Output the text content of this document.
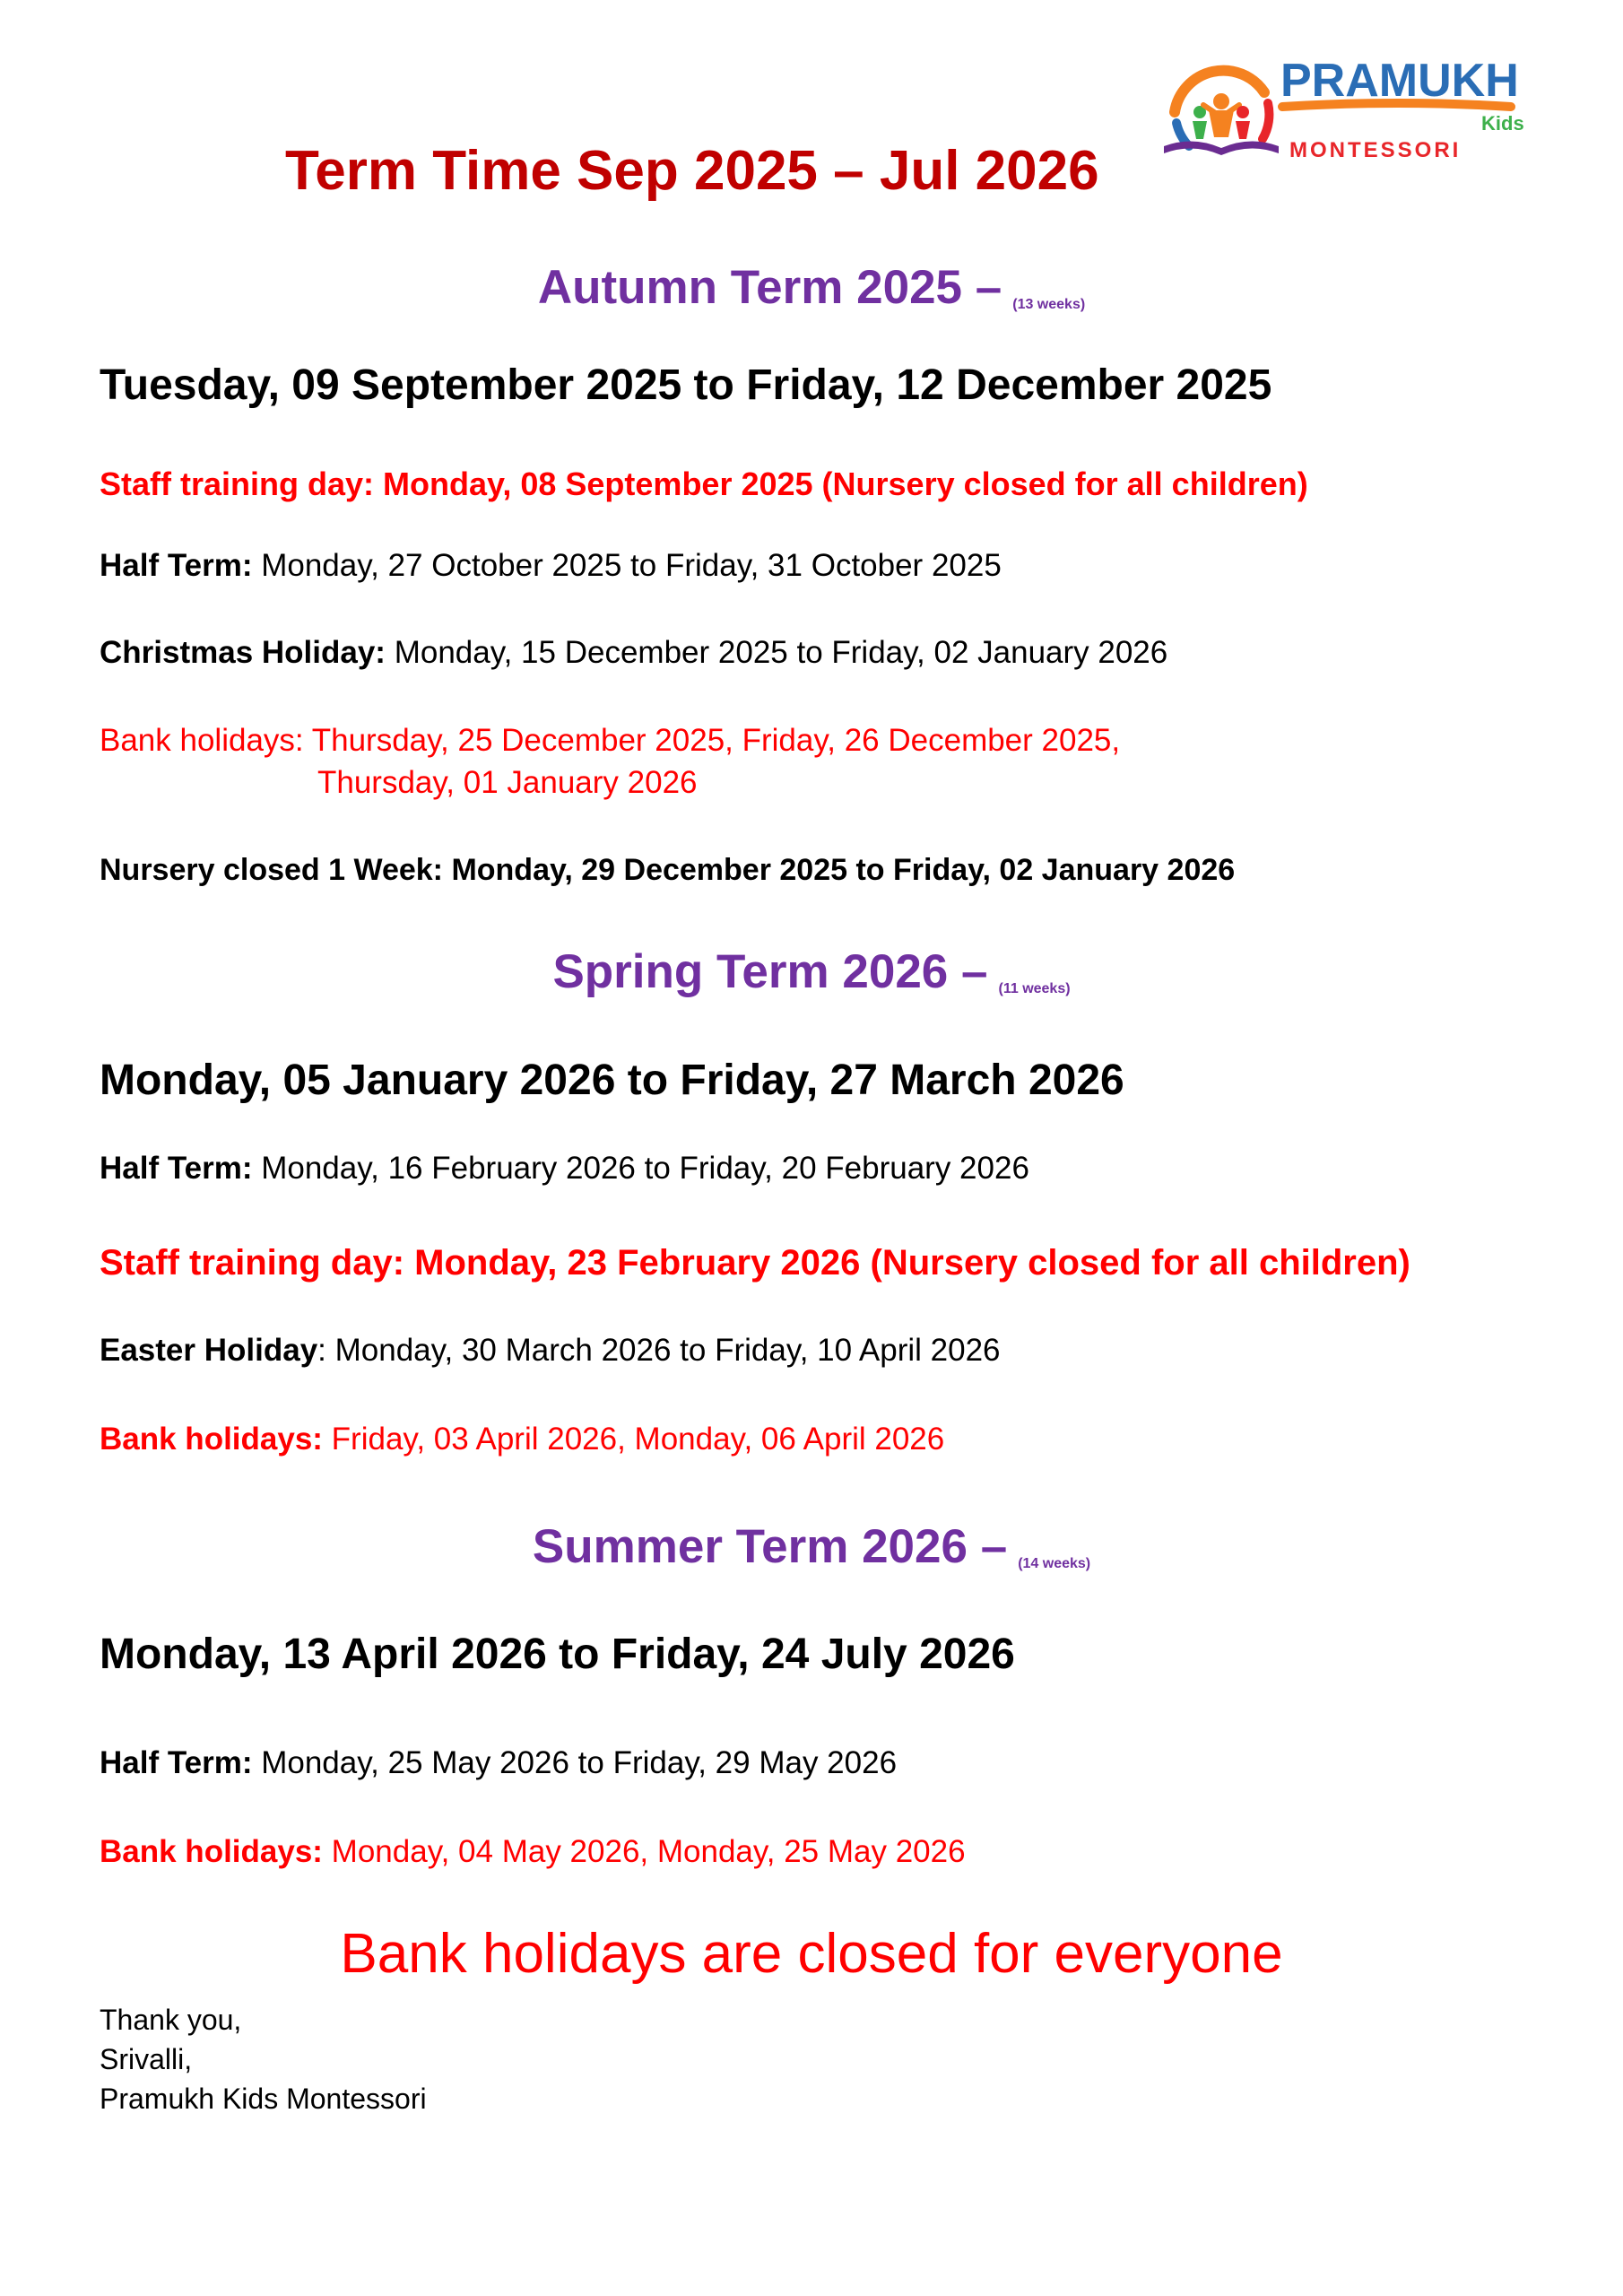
PRAMUKH
Kids
MONTESSORI
Term Time Sep 2025 – Jul 2026
Autumn Term 2025 – (13 weeks)
Tuesday, 09 September 2025 to Friday, 12 December 2025
Staff training day: Monday, 08 September 2025 (Nursery closed for all children)
Half Term: Monday, 27 October 2025 to Friday, 31 October 2025
Christmas Holiday: Monday, 15 December 2025 to Friday, 02 January 2026
Bank holidays: Thursday, 25 December 2025, Friday, 26 December 2025,
Thursday, 01 January 2026
Nursery closed 1 Week: Monday, 29 December 2025 to Friday, 02 January 2026
Spring Term 2026 – (11 weeks)
Monday, 05 January 2026 to Friday, 27 March 2026
Half Term: Monday, 16 February 2026 to Friday, 20 February 2026
Staff training day: Monday, 23 February 2026 (Nursery closed for all children)
Easter Holiday: Monday, 30 March 2026 to Friday, 10 April 2026
Bank holidays: Friday, 03 April 2026, Monday, 06 April 2026
Summer Term 2026 – (14 weeks)
Monday, 13 April 2026 to Friday, 24 July 2026
Half Term: Monday, 25 May 2026 to Friday, 29 May 2026
Bank holidays: Monday, 04 May 2026, Monday, 25 May 2026
Bank holidays are closed for everyone
Thank you,
Srivalli,
Pramukh Kids Montessori
